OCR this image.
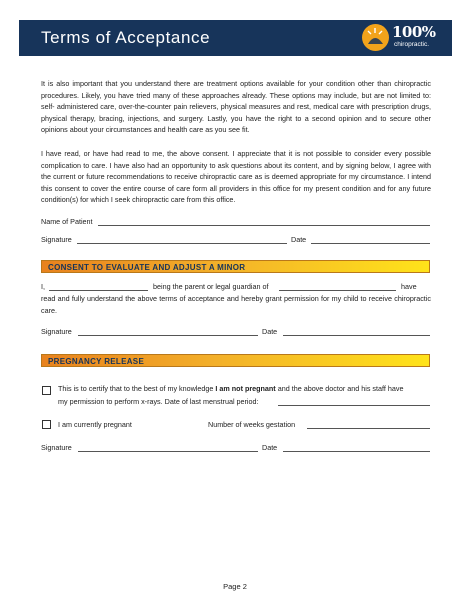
Terms of Acceptance	100%
chiropractic.
It is also important that you understand there are treatment options available for your condition other than chiropractic procedures. Likely, you have tried many of these approaches already. These options may include, but are not limited to: self- administered care, over-the-counter pain relievers, physical measures and rest, medical care with prescription drugs, physical therapy, bracing, injections, and surgery. Lastly, you have the right to a second opinion and to secure other opinions about your circumstances and health care as you see fit.
I have read, or have had read to me, the above consent. I appreciate that it is not possible to consider every possible complication to care. I have also had an opportunity to ask questions about its content, and by signing below, I agree with the current or future recommendations to receive chiropractic care as is deemed appropriate for my circumstance. I intend this consent to cover the entire course of care form all providers in this office for my present condition and for any future condition(s) for which I seek chiropractic care from this office.
Name of Patient
Signature	Date
CONSENT TO EVALUATE AND ADJUST A MINOR
I,	being the parent or legal guardian of	have
read and fully understand the above terms of acceptance and hereby grant permission for my child to receive chiropractic care.
Signature	Date
PREGNANCY RELEASE
This is to certify that to the best of my knowledge I am not pregnant and the above doctor and his staff have
my permission to perform x-rays. Date of last menstrual period:
I am currently pregnant	Number of weeks gestation
Signature	Date
Page 2
